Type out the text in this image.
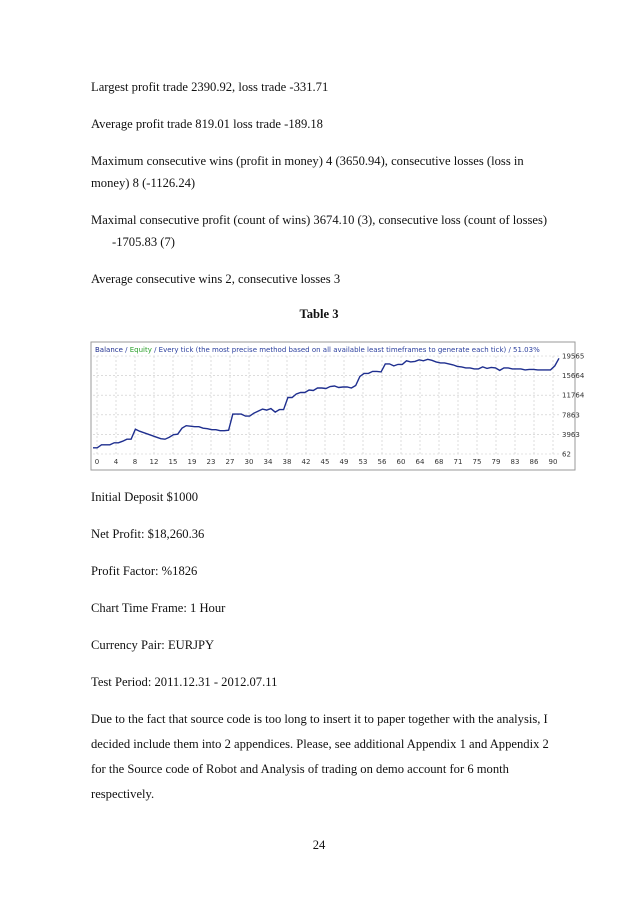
Largest profit trade 2390.92, loss trade -331.71

Average profit trade 819.01 loss trade -189.18

Maximum consecutive wins (profit in money) 4 (3650.94), consecutive losses (loss in

money) 8 (-1126.24)

Maximal consecutive profit (count of wins) 3674.10 (3), consecutive loss (count of losses)

-1705.83 (7)

Average consecutive wins 2, consecutive losses 3

Table 3
Balance / Equity / Every tick (the most precise method based on all available least timeframes to generate each tick) / 51.03%
19565
15664
11764
7863
3963
62
0 4 8 12 15 19 23 27 30 34 38 42 45 49 53 56 60 64 68 71 75 79 83 86 90

Initial Deposit $1000

Net Profit: $18,260.36

Profit Factor: %1826

Chart Time Frame: 1 Hour

Currency Pair: EURJPY

Test Period: 2011.12.31 - 2012.07.11

Due to the fact that source code is too long to insert it to paper together with the analysis, I

decided include them into 2 appendices. Please, see additional Appendix 1 and Appendix 2

for the Source code of Robot and Analysis of trading on demo account for 6 month

respectively.

24
